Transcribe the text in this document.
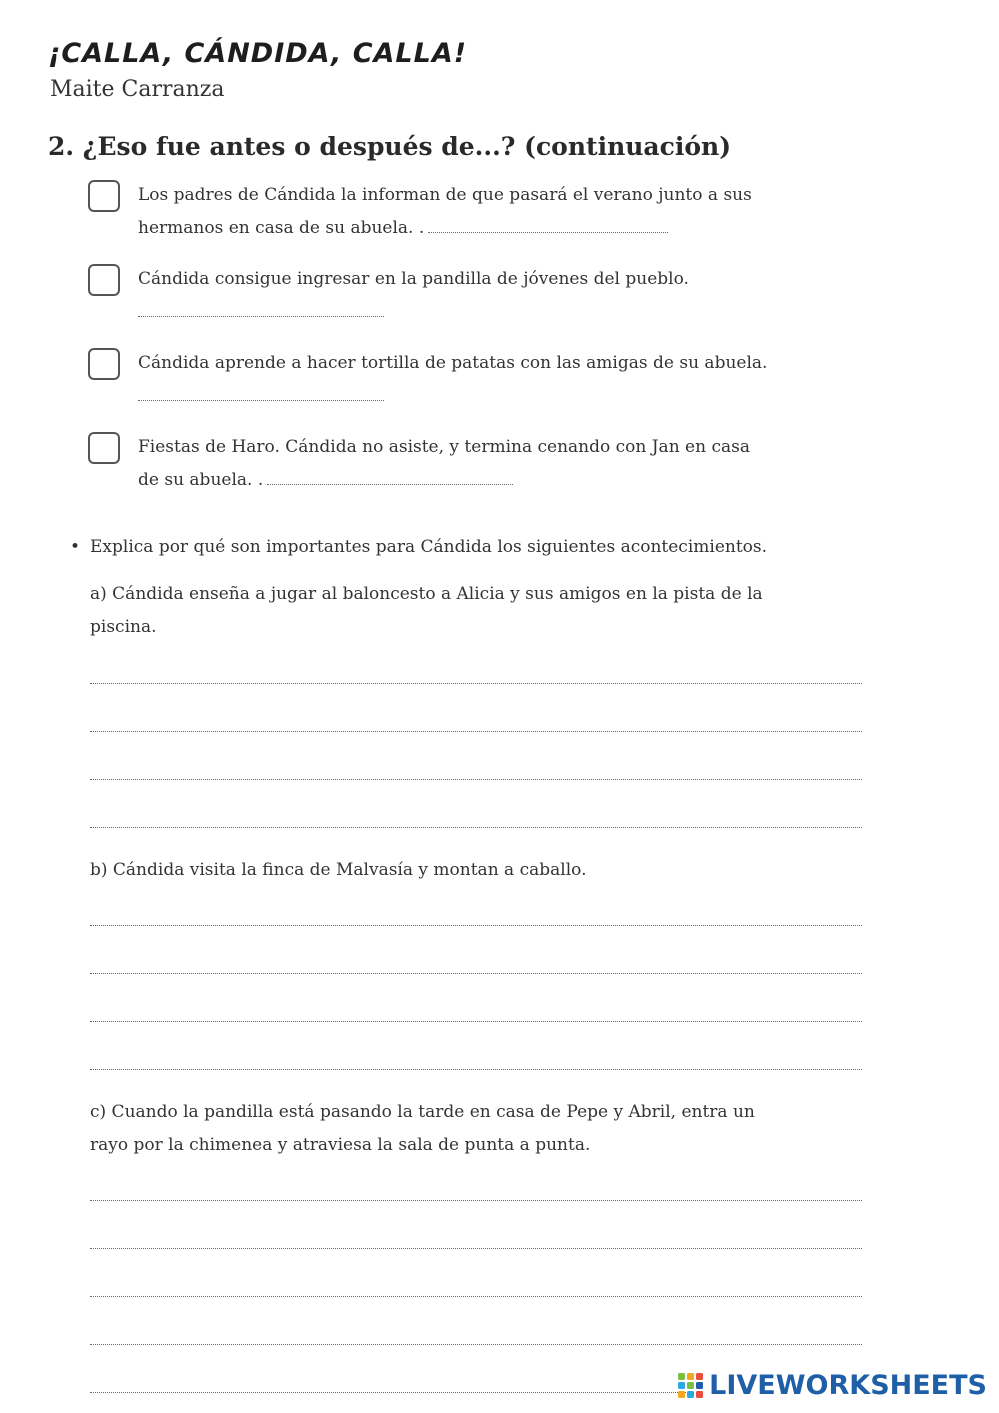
¡CALLA, CÁNDIDA, CALLA!
Maite Carranza
2. ¿Eso fue antes o después de...? (continuación)
Los padres de Cándida la informan de que pasará el verano junto a sus
hermanos en casa de su abuela. .
Cándida consigue ingresar en la pandilla de jóvenes del pueblo.
Cándida aprende a hacer tortilla de patatas con las amigas de su abuela.
Fiestas de Haro. Cándida no asiste, y termina cenando con Jan en casa
de su abuela. .
• Explica por qué son importantes para Cándida los siguientes acontecimientos.
a) Cándida enseña a jugar al baloncesto a Alicia y sus amigos en la pista de la
piscina.
b) Cándida visita la finca de Malvasía y montan a caballo.
c) Cuando la pandilla está pasando la tarde en casa de Pepe y Abril, entra un
rayo por la chimenea y atraviesa la sala de punta a punta.
LIVEWORKSHEETS
